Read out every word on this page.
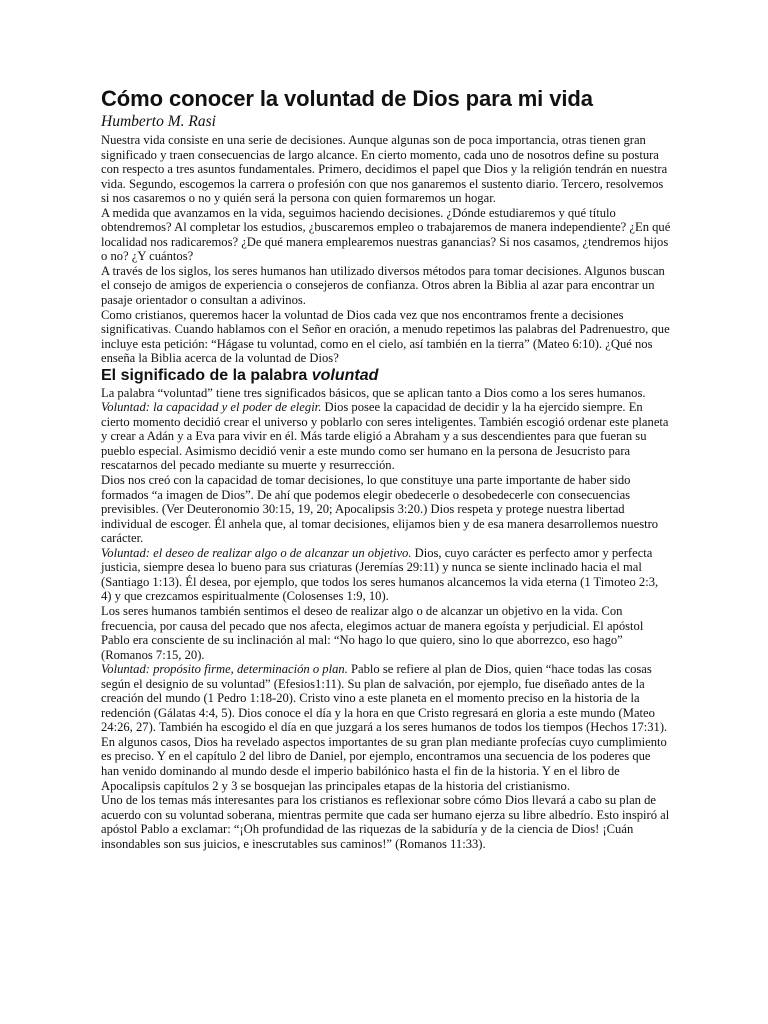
Cómo conocer la voluntad de Dios para mi vida
Humberto M. Rasi

Nuestra vida consiste en una serie de decisiones. Aunque algunas son de poca importancia, otras tienen gran significado y traen consecuencias de largo alcance. En cierto momento, cada uno de nosotros define su postura con respecto a tres asuntos fundamentales. Primero, decidimos el papel que Dios y la religión tendrán en nuestra vida. Segundo, escogemos la carrera o profesión con que nos ganaremos el sustento diario. Tercero, resolvemos si nos casaremos o no y quién será la persona con quien formaremos un hogar.

A medida que avanzamos en la vida, seguimos haciendo decisiones. ¿Dónde estudiaremos y qué título obtendremos? Al completar los estudios, ¿buscaremos empleo o trabajaremos de manera independiente? ¿En qué localidad nos radicaremos? ¿De qué manera emplearemos nuestras ganancias? Si nos casamos, ¿tendremos hijos o no? ¿Y cuántos?

A través de los siglos, los seres humanos han utilizado diversos métodos para tomar decisiones. Algunos buscan el consejo de amigos de experiencia o consejeros de confianza. Otros abren la Biblia al azar para encontrar un pasaje orientador o consultan a adivinos.

Como cristianos, queremos hacer la voluntad de Dios cada vez que nos encontramos frente a decisiones significativas. Cuando hablamos con el Señor en oración, a menudo repetimos las palabras del Padrenuestro, que incluye esta petición: “Hágase tu voluntad, como en el cielo, así también en la tierra” (Mateo 6:10). ¿Qué nos enseña la Biblia acerca de la voluntad de Dios?

El significado de la palabra voluntad

La palabra “voluntad” tiene tres significados básicos, que se aplican tanto a Dios como a los seres humanos.

Voluntad: la capacidad y el poder de elegir. Dios posee la capacidad de decidir y la ha ejercido siempre. En cierto momento decidió crear el universo y poblarlo con seres inteligentes. También escogió ordenar este planeta y crear a Adán y a Eva para vivir en él. Más tarde eligió a Abraham y a sus descendientes para que fueran su pueblo especial. Asimismo decidió venir a este mundo como ser humano en la persona de Jesucristo para rescatarnos del pecado mediante su muerte y resurrección.

Dios nos creó con la capacidad de tomar decisiones, lo que constituye una parte importante de haber sido formados “a imagen de Dios”. De ahí que podemos elegir obedecerle o desobedecerle con consecuencias previsibles. (Ver Deuteronomio 30:15, 19, 20; Apocalipsis 3:20.) Dios respeta y protege nuestra libertad individual de escoger. Él anhela que, al tomar decisiones, elijamos bien y de esa manera desarrollemos nuestro carácter.

Voluntad: el deseo de realizar algo o de alcanzar un objetivo. Dios, cuyo carácter es perfecto amor y perfecta justicia, siempre desea lo bueno para sus criaturas (Jeremías 29:11) y nunca se siente inclinado hacia el mal (Santiago 1:13). Él desea, por ejemplo, que todos los seres humanos alcancemos la vida eterna (1 Timoteo 2:3, 4) y que crezcamos espiritualmente (Colosenses 1:9, 10).

Los seres humanos también sentimos el deseo de realizar algo o de alcanzar un objetivo en la vida. Con frecuencia, por causa del pecado que nos afecta, elegimos actuar de manera egoísta y perjudicial. El apóstol Pablo era consciente de su inclinación al mal: “No hago lo que quiero, sino lo que aborrezco, eso hago” (Romanos 7:15, 20).

Voluntad: propósito firme, determinación o plan. Pablo se refiere al plan de Dios, quien “hace todas las cosas según el designio de su voluntad” (Efesios1:11). Su plan de salvación, por ejemplo, fue diseñado antes de la creación del mundo (1 Pedro 1:18-20). Cristo vino a este planeta en el momento preciso en la historia de la redención (Gálatas 4:4, 5). Dios conoce el día y la hora en que Cristo regresará en gloria a este mundo (Mateo 24:26, 27). También ha escogido el día en que juzgará a los seres humanos de todos los tiempos (Hechos 17:31). En algunos casos, Dios ha revelado aspectos importantes de su gran plan mediante profecías cuyo cumplimiento es preciso. Y en el capítulo 2 del libro de Daniel, por ejemplo, encontramos una secuencia de los poderes que han venido dominando al mundo desde el imperio babilónico hasta el fin de la historia. Y en el libro de Apocalipsis capítulos 2 y 3 se bosquejan las principales etapas de la historia del cristianismo.

Uno de los temas más interesantes para los cristianos es reflexionar sobre cómo Dios llevará a cabo su plan de acuerdo con su voluntad soberana, mientras permite que cada ser humano ejerza su libre albedrío. Esto inspiró al apóstol Pablo a exclamar: “¡Oh profundidad de las riquezas de la sabiduría y de la ciencia de Dios! ¡Cuán insondables son sus juicios, e inescrutables sus caminos!” (Romanos 11:33).
